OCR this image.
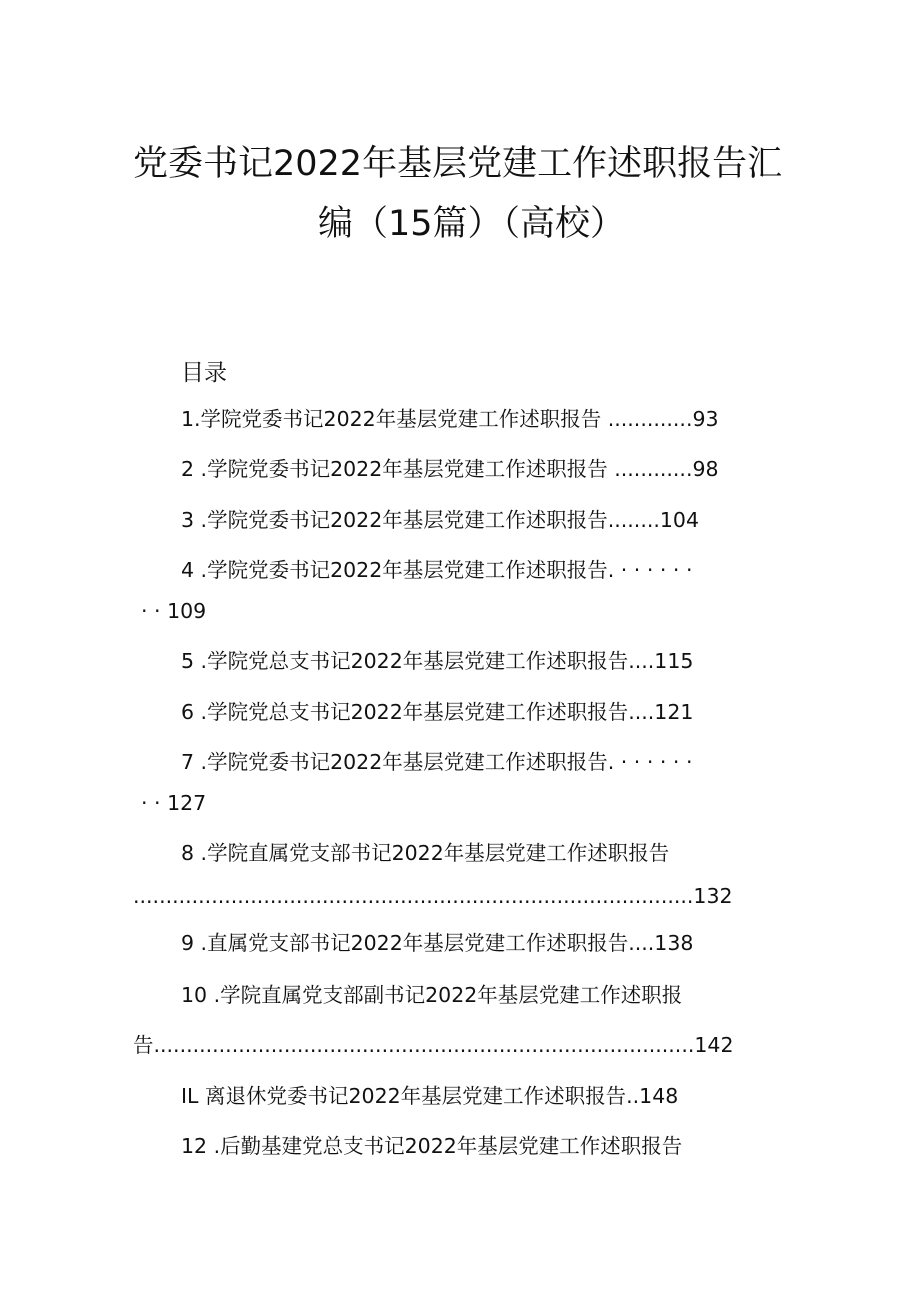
党委书记2022年基层党建工作述职报告汇
编（15篇）（高校）
目录
1.学院党委书记2022年基层党建工作述职报告 .............93
2 .学院党委书记2022年基层党建工作述职报告 ............98
3 .学院党委书记2022年基层党建工作述职报告........104
4 .学院党委书记2022年基层党建工作述职报告. · · · · · ·
· · 109
5 .学院党总支书记2022年基层党建工作述职报告....115
6 .学院党总支书记2022年基层党建工作述职报告....121
7 .学院党委书记2022年基层党建工作述职报告. · · · · · ·
· · 127
8 .学院直属党支部书记2022年基层党建工作述职报告
......................................................................................132
9 .直属党支部书记2022年基层党建工作述职报告....138
10 .学院直属党支部副书记2022年基层党建工作述职报
告...................................................................................142
IL 离退休党委书记2022年基层党建工作述职报告..148
12 .后勤基建党总支书记2022年基层党建工作述职报告
